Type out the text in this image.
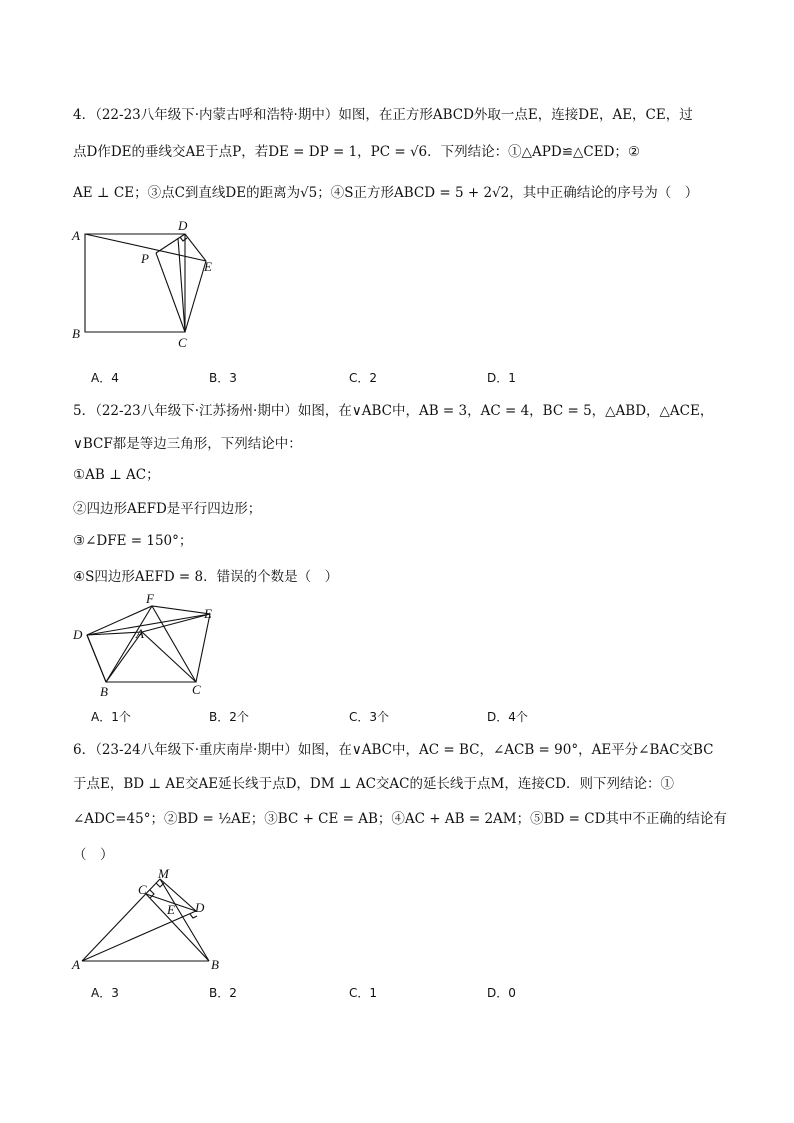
4．（22-23八年级下·内蒙古呼和浩特·期中）如图，在正方形ABCD外取一点E，连接DE，AE，CE，过
点D作DE的垂线交AE于点P，若DE = DP = 1，PC = √6．下列结论：①△APD≌△CED；②
AE ⊥ CE；③点C到直线DE的距离为√5；④S正方形ABCD = 5 + 2√2，其中正确结论的序号为（　）
A
D
P
E
B
C
A．4	B．3	C．2	D．1
5．（22-23八年级下·江苏扬州·期中）如图，在∨ABC中，AB = 3，AC = 4，BC = 5，△ABD，△ACE，
∨BCF都是等边三角形，下列结论中：
①AB ⊥ AC；
②四边形AEFD是平行四边形；
③∠DFE = 150°；
④S四边形AEFD = 8．错误的个数是（　）
F
E
D	A
B	C
A．1个	B．2个	C．3个	D．4个
6．（23-24八年级下·重庆南岸·期中）如图，在∨ABC中，AC = BC，∠ACB = 90°，AE平分∠BAC交BC
于点E，BD ⊥ AE交AE延长线于点D，DM ⊥ AC交AC的延长线于点M，连接CD．则下列结论：①
∠ADC=45°；②BD = ½AE；③BC + CE = AB；④AC + AB = 2AM；⑤BD = CD其中不正确的结论有
（　）
M
C
E D
A	B
A．3	B．2	C．1	D．0
